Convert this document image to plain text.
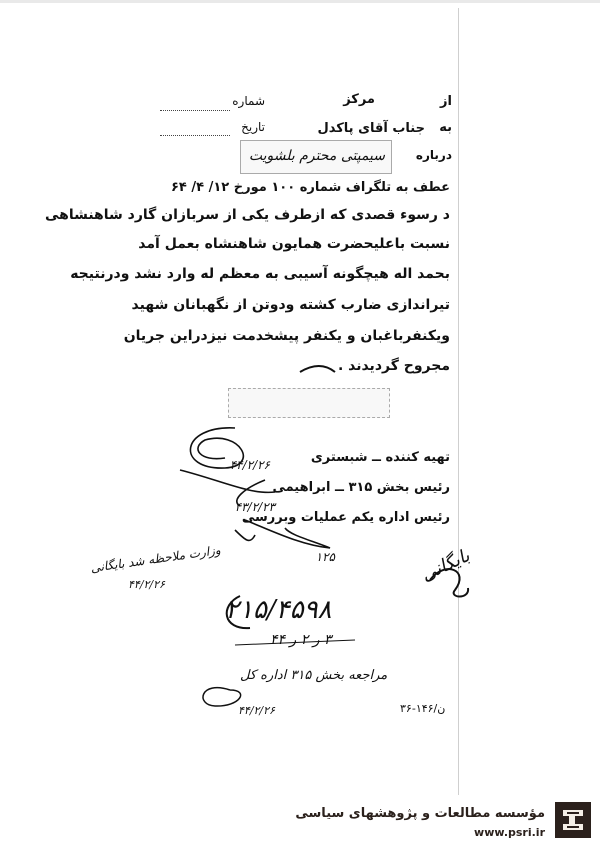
از
مرکز
شماره
به
جناب آقای پاکدل
تاریخ
درباره
سیمپتی محترم بلشویت
عطف به تلگراف شماره ۱۰۰ مورخ ۱۲/ ۴/ ۶۴
د رسوء قصدی که ازطرف یکی از سربازان گارد شاهنشاهی
نسبت باعلیحضرت همایون شاهنشاه بعمل آمد
بحمد اله هیچگونه آسیبی به معظم له وارد نشد ودرنتیجه
تیراندازی ضارب کشته ودوتن از نگهبانان شهید
ویکنفرباغبان و یکنفر پیشخدمت نیزدراین جریان
مجروح گردیدند .
تهیه کننده ــ شبستری
۴۴/۲/۲۶
رئیس بخش ۳۱۵ ــ ابراهیمی
رئیس اداره یکم عملیات وبررسی
۴۳/۲/۲۳
۱۲۵
وزارت ملاحظه شد بایگانی
۴۴/۲/۲۶	بایگانی
۲۱۵/۴۵۹۸
۳ ر ۲ ر ۴۴
مراجعه بخش ۳۱۵ اداره کل
۴۴/۲/۲۶	ن/۱۴۶-۳۶
مؤسسه مطالعات و پژوهشهای سیاسی
www.psri.ir
